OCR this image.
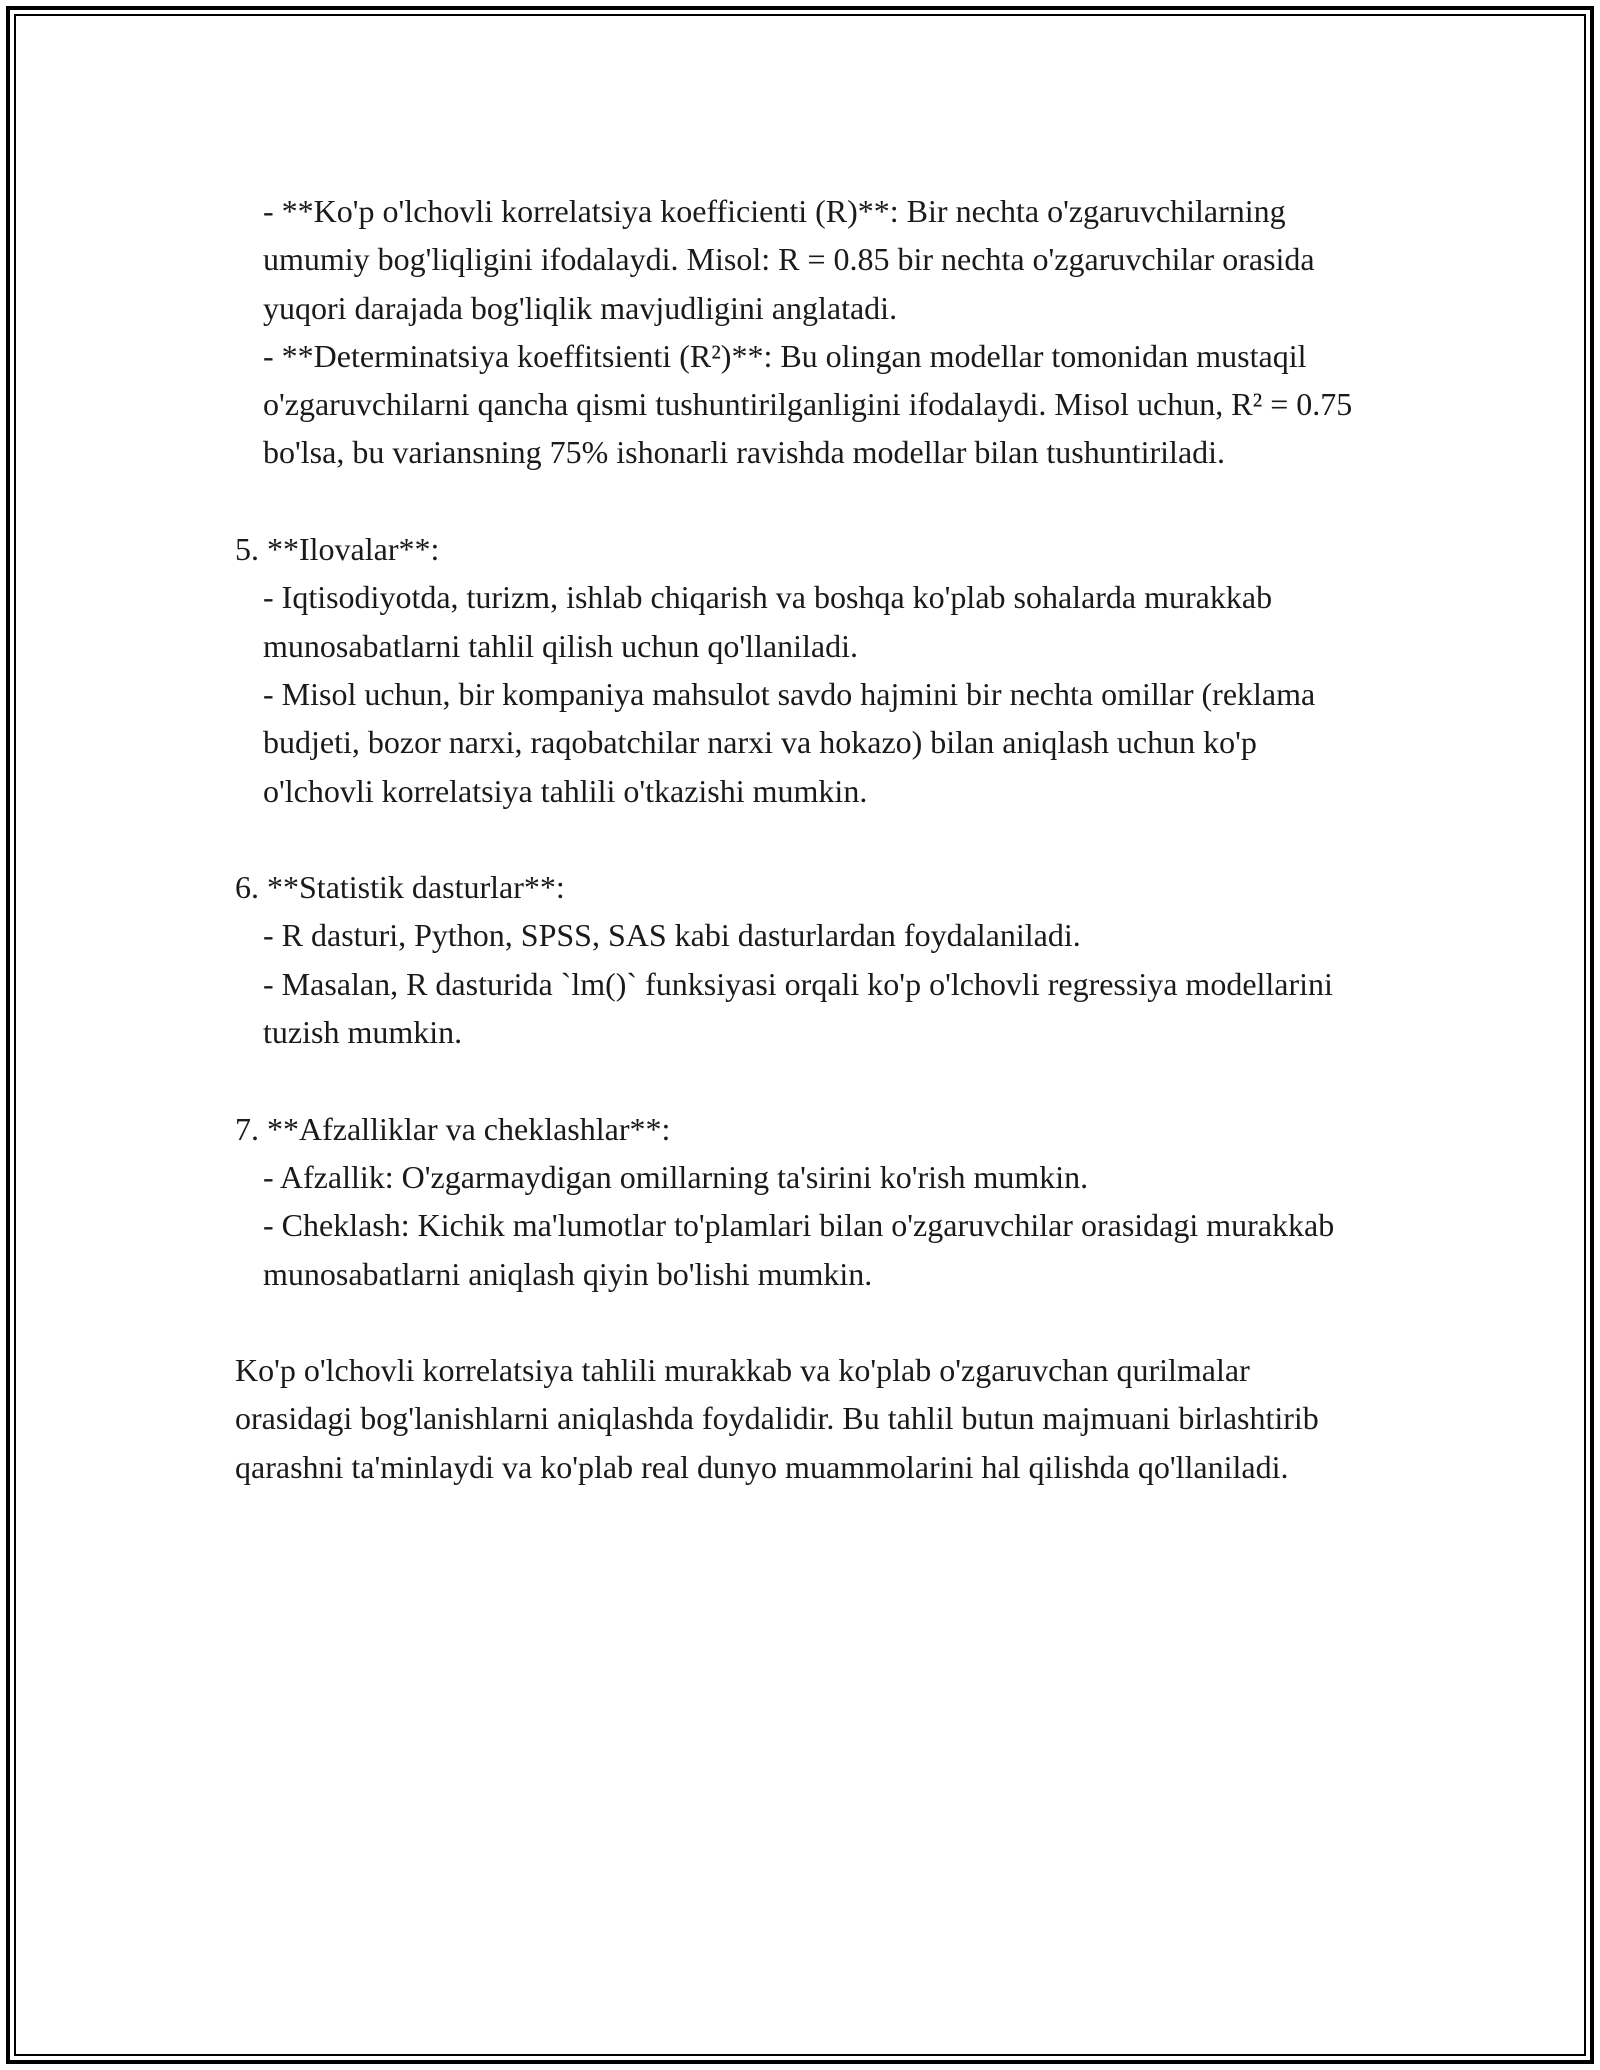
- **Ko'p o'lchovli korrelatsiya koefficienti (R)**: Bir nechta o'zgaruvchilarning umumiy bog'liqligini ifodalaydi. Misol: R = 0.85 bir nechta o'zgaruvchilar orasida yuqori darajada bog'liqlik mavjudligini anglatadi.

- **Determinatsiya koeffitsienti (R²)**: Bu olingan modellar tomonidan mustaqil o'zgaruvchilarni qancha qismi tushuntirilganligini ifodalaydi. Misol uchun, R² = 0.75 bo'lsa, bu variansning 75% ishonarli ravishda modellar bilan tushuntiriladi.

5. **Ilovalar**:

- Iqtisodiyotda, turizm, ishlab chiqarish va boshqa ko'plab sohalarda murakkab munosabatlarni tahlil qilish uchun qo'llaniladi.

- Misol uchun, bir kompaniya mahsulot savdo hajmini bir nechta omillar (reklama budjeti, bozor narxi, raqobatchilar narxi va hokazo) bilan aniqlash uchun ko'p o'lchovli korrelatsiya tahlili o'tkazishi mumkin.

6. **Statistik dasturlar**:

- R dasturi, Python, SPSS, SAS kabi dasturlardan foydalaniladi.

- Masalan, R dasturida `lm()` funksiyasi orqali ko'p o'lchovli regressiya modellarini tuzish mumkin.

7. **Afzalliklar va cheklashlar**:

- Afzallik: O'zgarmaydigan omillarning ta'sirini ko'rish mumkin.

- Cheklash: Kichik ma'lumotlar to'plamlari bilan o'zgaruvchilar orasidagi murakkab munosabatlarni aniqlash qiyin bo'lishi mumkin.

Ko'p o'lchovli korrelatsiya tahlili murakkab va ko'plab o'zgaruvchan qurilmalar orasidagi bog'lanishlarni aniqlashda foydalidir. Bu tahlil butun majmuani birlashtirib qarashni ta'minlaydi va ko'plab real dunyo muammolarini hal qilishda qo'llaniladi.
